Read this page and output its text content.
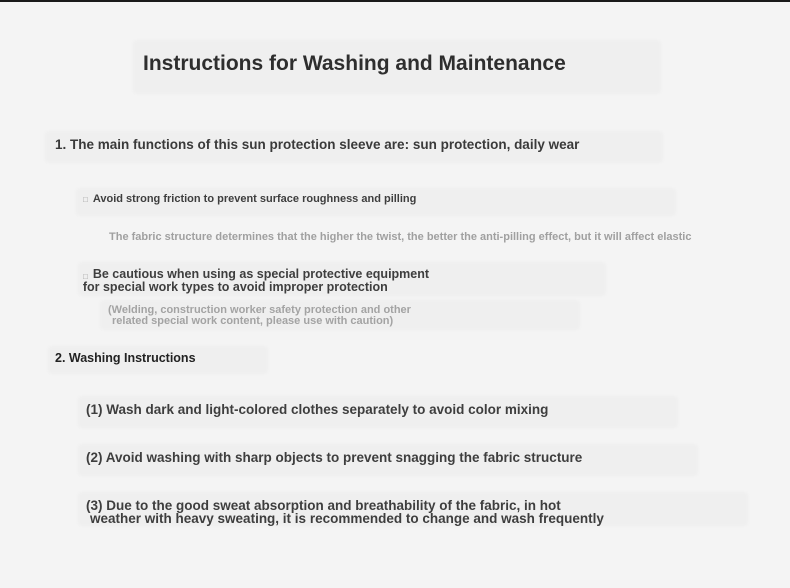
Instructions for Washing and Maintenance

1. The main functions of this sun protection sleeve are: sun protection, daily wear

□ Avoid strong friction to prevent surface roughness and pilling

The fabric structure determines that the higher the twist, the better the anti-pilling effect, but it will affect elastic

□ Be cautious when using as special protective equipment
for special work types to avoid improper protection
(Welding, construction worker safety protection and other
related special work content, please use with caution)

2. Washing Instructions

(1) Wash dark and light-colored clothes separately to avoid color mixing

(2) Avoid washing with sharp objects to prevent snagging the fabric structure

(3) Due to the good sweat absorption and breathability of the fabric, in hot
weather with heavy sweating, it is recommended to change and wash frequently
